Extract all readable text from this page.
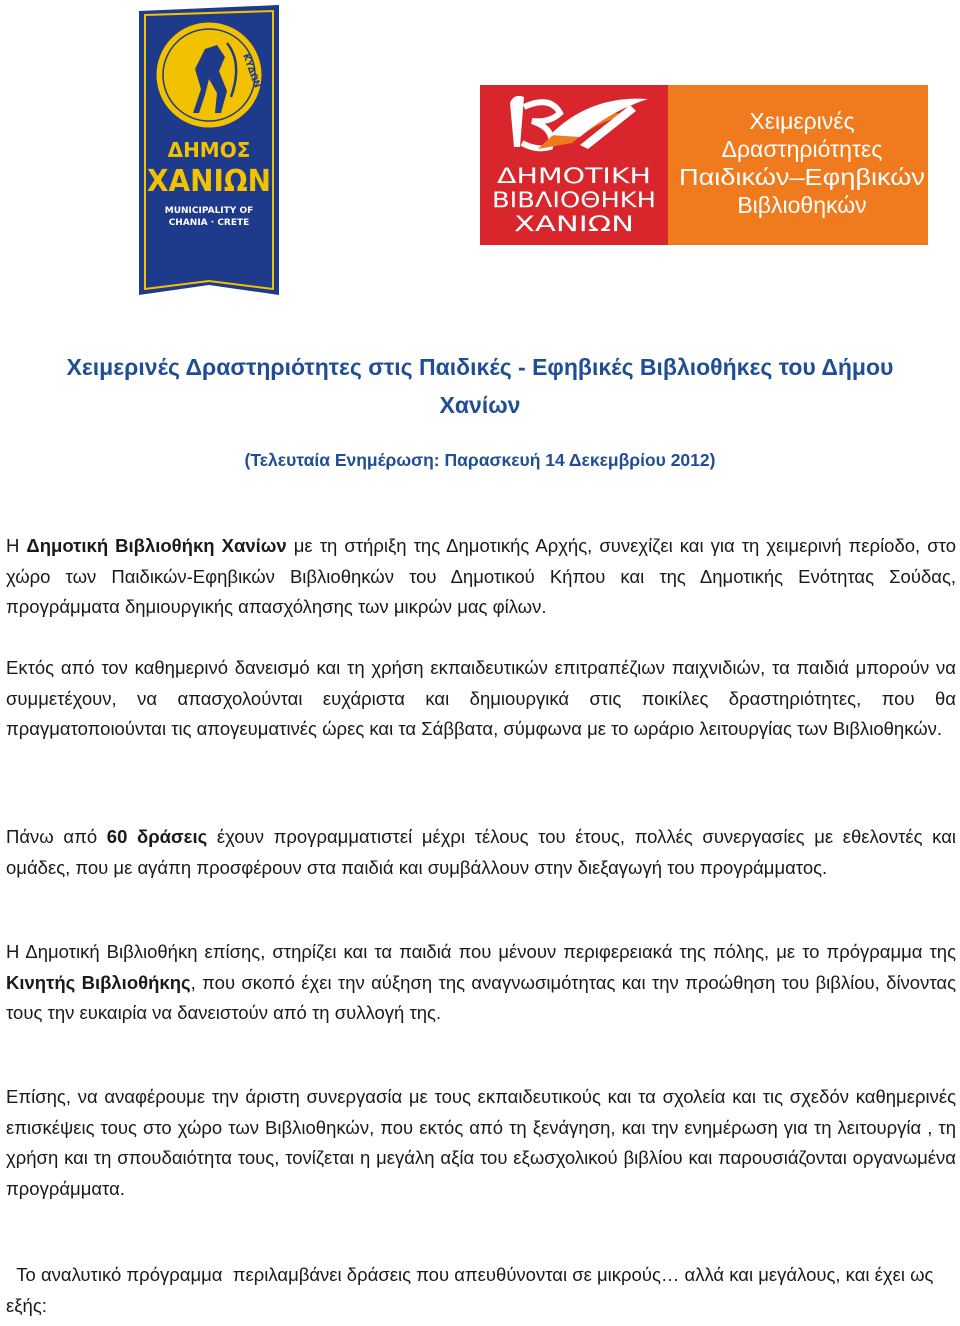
ΚΥΔΩΝ
ΔΗΜΟΣ
ΧΑΝΙΩΝ
MUNICIPALITY OF
CHANIA · CRETE
ΔΗΜΟΤΙΚΗ
ΒΙΒΛΙΟΘΗΚΗ
ΧΑΝΙΩΝ
Χειμερινές
Δραστηριότητες
Παιδικών–Εφηβικών
Βιβλιοθηκών
Χειμερινές Δραστηριότητες στις Παιδικές - Εφηβικές Βιβλιοθήκες του Δήμου
Χανίων
(Τελευταία Ενημέρωση: Παρασκευή 14 Δεκεμβρίου 2012)

Η Δημοτική Βιβλιοθήκη Χανίων με τη στήριξη της Δημοτικής Αρχής, συνεχίζει και για τη χειμερινή περίοδο, στο χώρο των Παιδικών-Εφηβικών Βιβλιοθηκών του Δημοτικού Κήπου και της Δημοτικής Ενότητας Σούδας, προγράμματα δημιουργικής απασχόλησης των μικρών μας φίλων.

Εκτός από τον καθημερινό δανεισμό και τη χρήση εκπαιδευτικών επιτραπέζιων παιχνιδιών, τα παιδιά μπορούν να συμμετέχουν, να απασχολούνται ευχάριστα και δημιουργικά στις ποικίλες δραστηριότητες, που θα πραγματοποιούνται τις απογευματινές ώρες και τα Σάββατα, σύμφωνα με το ωράριο λειτουργίας των Βιβλιοθηκών.

Πάνω από 60 δράσεις έχουν προγραμματιστεί μέχρι τέλους του έτους, πολλές συνεργασίες με εθελοντές και ομάδες, που με αγάπη προσφέρουν στα παιδιά και συμβάλλουν στην διεξαγωγή του προγράμματος.

Η Δημοτική Βιβλιοθήκη επίσης, στηρίζει και τα παιδιά που μένουν περιφερειακά της πόλης, με το πρόγραμμα της Κινητής Βιβλιοθήκης, που σκοπό έχει την αύξηση της αναγνωσιμότητας και την προώθηση του βιβλίου, δίνοντας τους την ευκαιρία να δανειστούν από τη συλλογή της.

Επίσης, να αναφέρουμε την άριστη συνεργασία με τους εκπαιδευτικούς και τα σχολεία και τις σχεδόν καθημερινές επισκέψεις τους στο χώρο των Βιβλιοθηκών, που εκτός από τη ξενάγηση, και την ενημέρωση για τη λειτουργία , τη χρήση και τη σπουδαιότητα τους, τονίζεται η μεγάλη αξία του εξωσχολικού βιβλίου και παρουσιάζονται οργανωμένα προγράμματα.

Το αναλυτικό πρόγραμμα  περιλαμβάνει δράσεις που απευθύνονται σε μικρούς… αλλά και μεγάλους, και έχει ως εξής:
